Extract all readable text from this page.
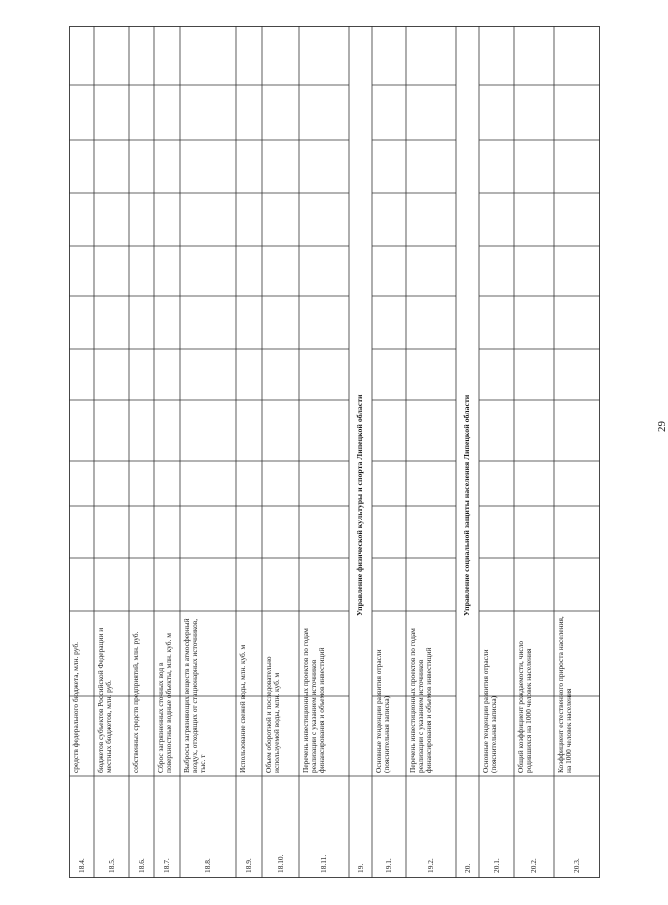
29
18.4.
средств федерального бюджета, млн. руб.
18.5.
бюджетов субъектов Российской Федерации и местных бюджетов, млн. руб.
18.6.
собственных средств предприятий, млн. руб.
18.7.
Сброс загрязненных сточных вод в поверхностные водные объекты, млн. куб. м
18.8.
Выбросы загрязняющих веществ в атмосферный воздух, отходящих от стационарных источников, тыс. т
18.9.
Использование свежей воды, млн. куб. м
18.10.
Объем оборотной и последовательно используемой воды, млн. куб. м
18.11.
Перечень инвестиционных проектов по годам реализации с указанием источников финансирования и объемов инвестиций
19.
Управление физической культуры и спорта Липецкой области
19.1.
Основные тенденции развития отрасли (пояснительная записка)
19.2.
Перечень инвестиционных проектов по годам реализации с указанием источников финансирования и объемов инвестиций
20.
Управление социальной защиты населения Липецкой области
20.1.
Основные тенденции развития отрасли (пояснительная записка)
20.2.
Общий коэффициент рождаемости, число родившихся на 1000 человек населения
20.3.
Коэффициент естественного прироста населения, на 1000 человек населения
